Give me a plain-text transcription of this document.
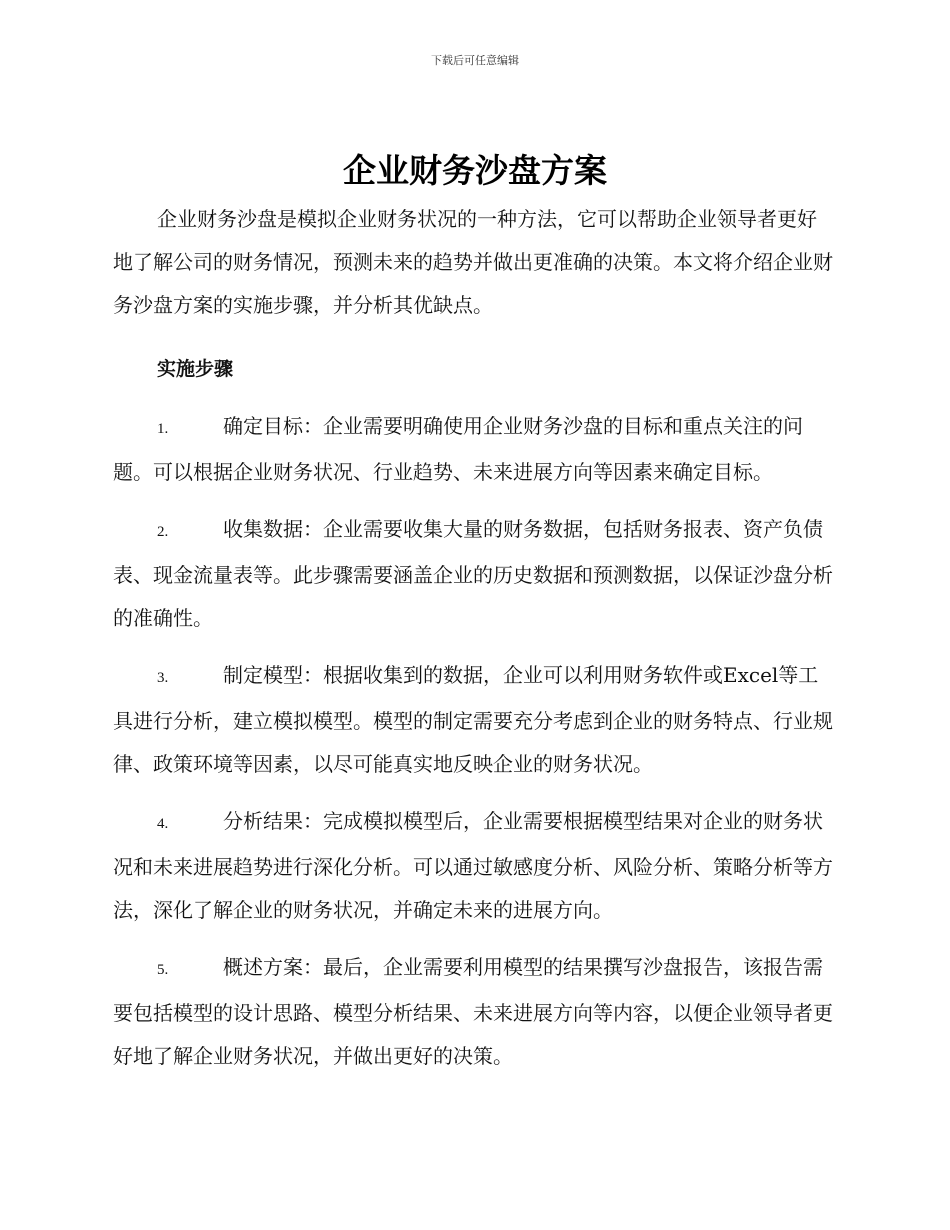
下载后可任意编辑
企业财务沙盘方案

企业财务沙盘是模拟企业财务状况的一种方法，它可以帮助企业领导者更好地了解公司的财务情况，预测未来的趋势并做出更准确的决策。本文将介绍企业财务沙盘方案的实施步骤，并分析其优缺点。

实施步骤

1.	确定目标：企业需要明确使用企业财务沙盘的目标和重点关注的问题。可以根据企业财务状况、行业趋势、未来进展方向等因素来确定目标。

2.	收集数据：企业需要收集大量的财务数据，包括财务报表、资产负债表、现金流量表等。此步骤需要涵盖企业的历史数据和预测数据，以保证沙盘分析的准确性。

3.	制定模型：根据收集到的数据，企业可以利用财务软件或Excel等工具进行分析，建立模拟模型。模型的制定需要充分考虑到企业的财务特点、行业规律、政策环境等因素，以尽可能真实地反映企业的财务状况。

4.	分析结果：完成模拟模型后，企业需要根据模型结果对企业的财务状况和未来进展趋势进行深化分析。可以通过敏感度分析、风险分析、策略分析等方法，深化了解企业的财务状况，并确定未来的进展方向。

5.	概述方案：最后，企业需要利用模型的结果撰写沙盘报告，该报告需要包括模型的设计思路、模型分析结果、未来进展方向等内容，以便企业领导者更好地了解企业财务状况，并做出更好的决策。
